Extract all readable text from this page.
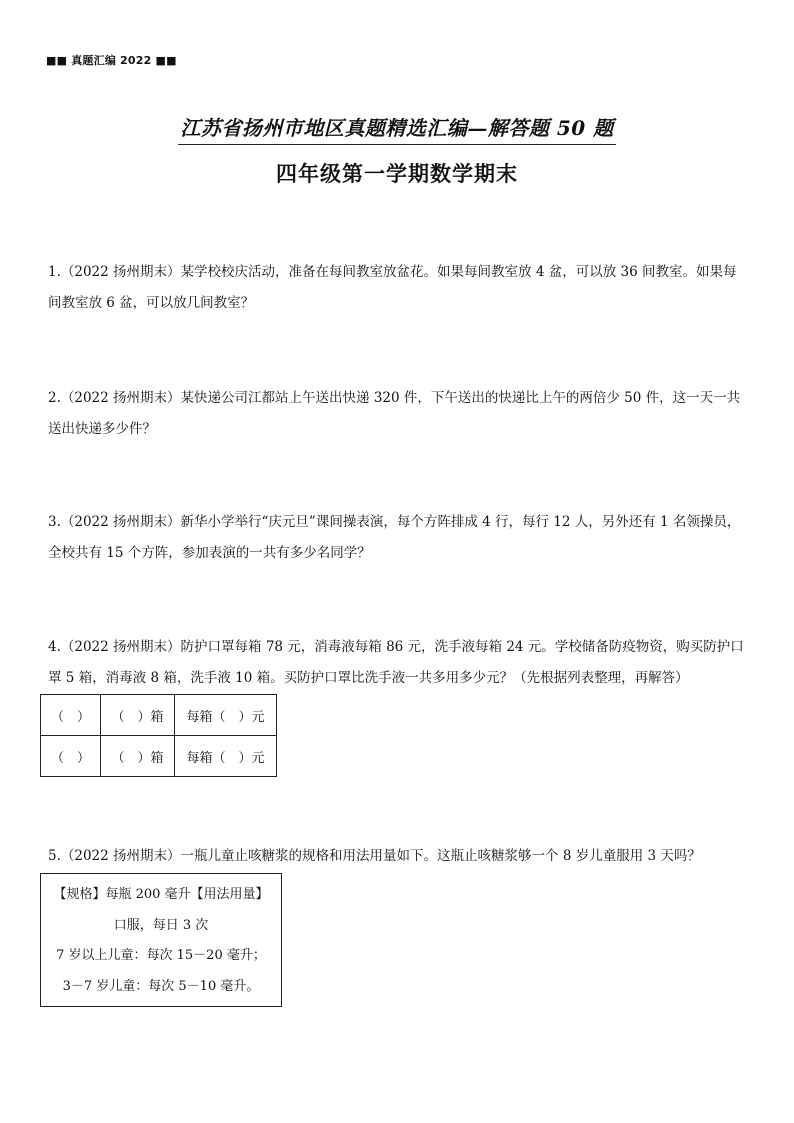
■■ 真题汇编 2022 ■■
江苏省扬州市地区真题精选汇编—解答题 50 题
四年级第一学期数学期末

1.（2022 扬州期末）某学校校庆活动，准备在每间教室放盆花。如果每间教室放 4 盆，可以放 36 间教室。如果每

间教室放 6 盆，可以放几间教室？

2.（2022 扬州期末）某快递公司江都站上午送出快递 320 件，下午送出的快递比上午的两倍少 50 件，这一天一共

送出快递多少件？

3.（2022 扬州期末）新华小学举行“庆元旦”课间操表演，每个方阵排成 4 行，每行 12 人，另外还有 1 名领操员，

全校共有 15 个方阵，参加表演的一共有多少名同学？

4.（2022 扬州期末）防护口罩每箱 78 元，消毒液每箱 86 元，洗手液每箱 24 元。学校储备防疫物资，购买防护口

罩 5 箱，消毒液 8 箱，洗手液 10 箱。买防护口罩比洗手液一共多用多少元？（先根据列表整理，再解答）

（　）	（　）箱	每箱（　）元
（　）	（　）箱	每箱（　）元

5.（2022 扬州期末）一瓶儿童止咳糖浆的规格和用法用量如下。这瓶止咳糖浆够一个 8 岁儿童服用 3 天吗？

【规格】每瓶 200 毫升【用法用量】
口服，每日 3 次
7 岁以上儿童：每次 15－20 毫升；
3－7 岁儿童：每次 5－10 毫升。
